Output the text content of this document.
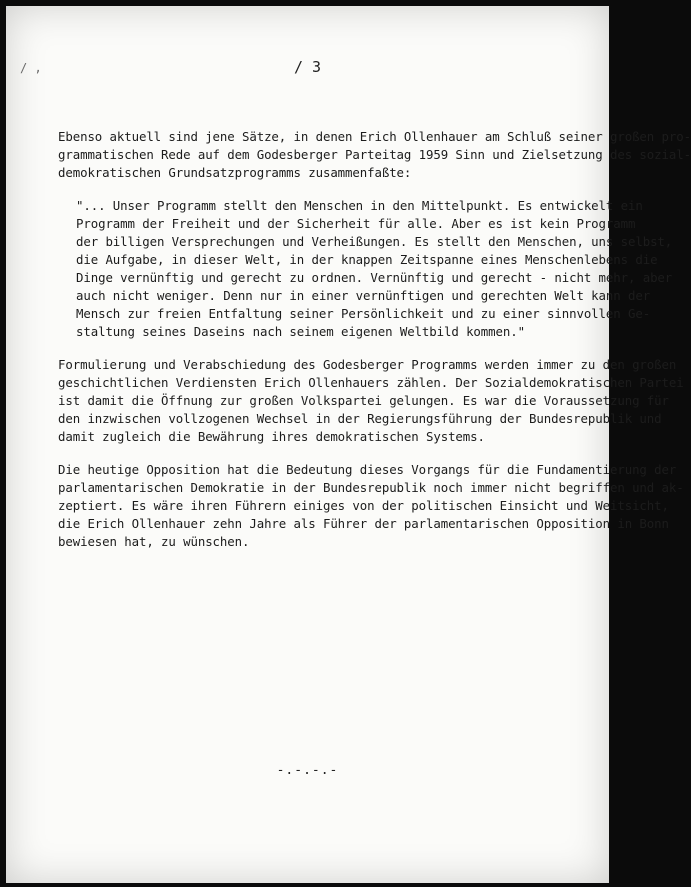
/ ,	/ 3
Ebenso aktuell sind jene Sätze, in denen Erich Ollenhauer am Schluß seiner großen pro-
grammatischen Rede auf dem Godesberger Parteitag 1959 Sinn und Zielsetzung des sozial-
demokratischen Grundsatzprogramms zusammenfaßte:
"... Unser Programm stellt den Menschen in den Mittelpunkt. Es entwickelt ein
Programm der Freiheit und der Sicherheit für alle. Aber es ist kein Programm
der billigen Versprechungen und Verheißungen. Es stellt den Menschen, uns selbst,
die Aufgabe, in dieser Welt, in der knappen Zeitspanne eines Menschenlebens die
Dinge vernünftig und gerecht zu ordnen. Vernünftig und gerecht - nicht mehr, aber
auch nicht weniger. Denn nur in einer vernünftigen und gerechten Welt kann der
Mensch zur freien Entfaltung seiner Persönlichkeit und zu einer sinnvollen Ge-
staltung seines Daseins nach seinem eigenen Weltbild kommen."
Formulierung und Verabschiedung des Godesberger Programms werden immer zu den großen
geschichtlichen Verdiensten Erich Ollenhauers zählen. Der Sozialdemokratischen Partei
ist damit die Öffnung zur großen Volkspartei gelungen. Es war die Voraussetzung für
den inzwischen vollzogenen Wechsel in der Regierungsführung der Bundesrepublik und
damit zugleich die Bewährung ihres demokratischen Systems.
Die heutige Opposition hat die Bedeutung dieses Vorgangs für die Fundamentierung der
parlamentarischen Demokratie in der Bundesrepublik noch immer nicht begriffen und ak-
zeptiert. Es wäre ihren Führern einiges von der politischen Einsicht und Weitsicht,
die Erich Ollenhauer zehn Jahre als Führer der parlamentarischen Opposition in Bonn
bewiesen hat, zu wünschen.
-.-.-.-
